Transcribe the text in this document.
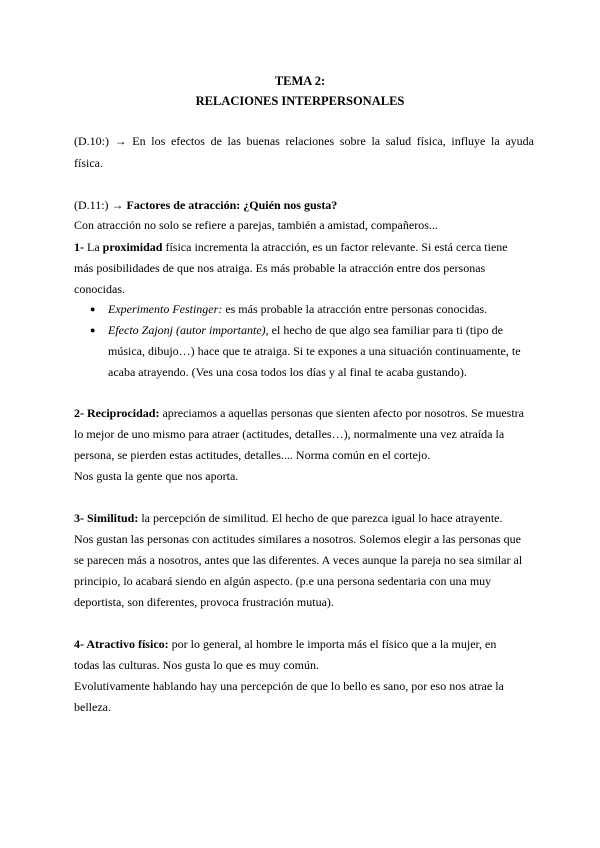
TEMA 2:
RELACIONES INTERPERSONALES
(D.10:) → En los efectos de las buenas relaciones sobre la salud física, influye la ayuda
física.
(D.11:) → Factores de atracción: ¿Quién nos gusta?
Con atracción no solo se refiere a parejas, también a amistad, compañeros...
1- La proximidad física incrementa la atracción, es un factor relevante. Si está cerca tiene
más posibilidades de que nos atraiga. Es más probable la atracción entre dos personas
conocidas.
● Experimento Festinger: es más probable la atracción entre personas conocidas.
● Efecto Zajonj (autor importante), el hecho de que algo sea familiar para ti (tipo de
música, dibujo…) hace que te atraiga. Si te expones a una situación continuamente, te
acaba atrayendo. (Ves una cosa todos los días y al final te acaba gustando).
2- Reciprocidad: apreciamos a aquellas personas que sienten afecto por nosotros. Se muestra
lo mejor de uno mismo para atraer (actitudes, detalles…), normalmente una vez atraída la
persona, se pierden estas actitudes, detalles.... Norma común en el cortejo.
Nos gusta la gente que nos aporta.
3- Similitud: la percepción de similitud. El hecho de que parezca igual lo hace atrayente.
Nos gustan las personas con actitudes similares a nosotros. Solemos elegir a las personas que
se parecen más a nosotros, antes que las diferentes. A veces aunque la pareja no sea similar al
principio, lo acabará siendo en algún aspecto. (p.e una persona sedentaria con una muy
deportista, son diferentes, provoca frustración mutua).
4- Atractivo físico: por lo general, al hombre le importa más el físico que a la mujer, en
todas las culturas. Nos gusta lo que es muy común.
Evolutivamente hablando hay una percepción de que lo bello es sano, por eso nos atrae la
belleza.
